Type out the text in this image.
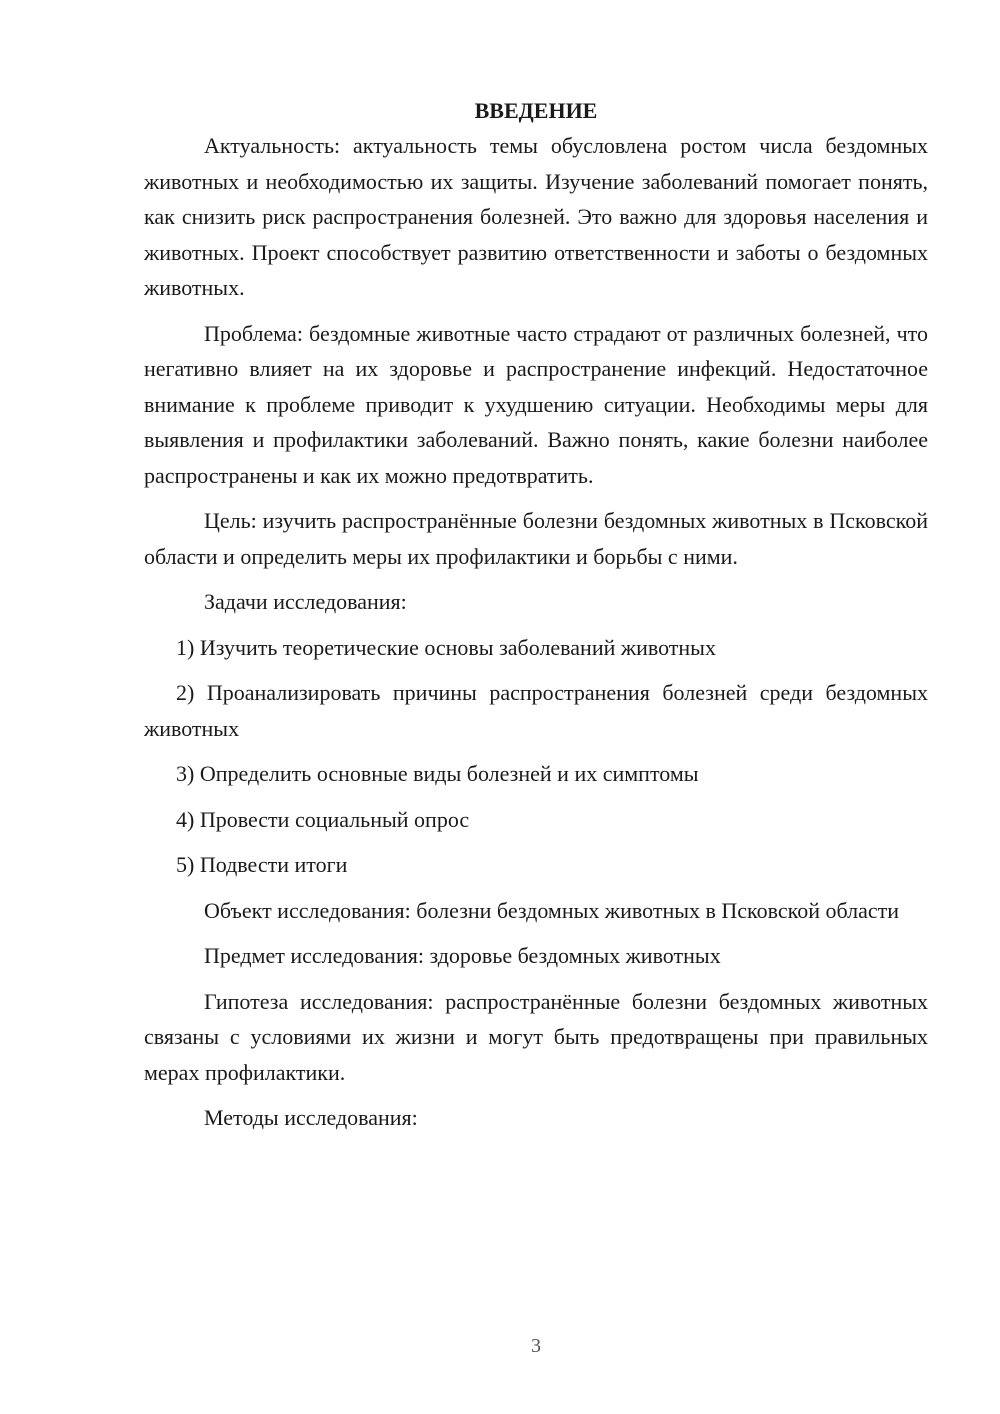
ВВЕДЕНИЕ

Актуальность: актуальность темы обусловлена ростом числа бездомных животных и необходимостью их защиты. Изучение заболеваний помогает понять, как снизить риск распространения болезней. Это важно для здоровья населения и животных. Проект способствует развитию ответственности и заботы о бездомных животных.

Проблема: бездомные животные часто страдают от различных болезней, что негативно влияет на их здоровье и распространение инфекций. Недостаточное внимание к проблеме приводит к ухудшению ситуации. Необходимы меры для выявления и профилактики заболеваний. Важно понять, какие болезни наиболее распространены и как их можно предотвратить.

Цель: изучить распространённые болезни бездомных животных в Псковской области и определить меры их профилактики и борьбы с ними.

Задачи исследования:

1) Изучить теоретические основы заболеваний животных

2) Проанализировать причины распространения болезней среди бездомных животных

3) Определить основные виды болезней и их симптомы

4) Провести социальный опрос

5) Подвести итоги

Объект исследования: болезни бездомных животных в Псковской области

Предмет исследования: здоровье бездомных животных

Гипотеза исследования: распространённые болезни бездомных животных связаны с условиями их жизни и могут быть предотвращены при правильных мерах профилактики.

Методы исследования:

3
